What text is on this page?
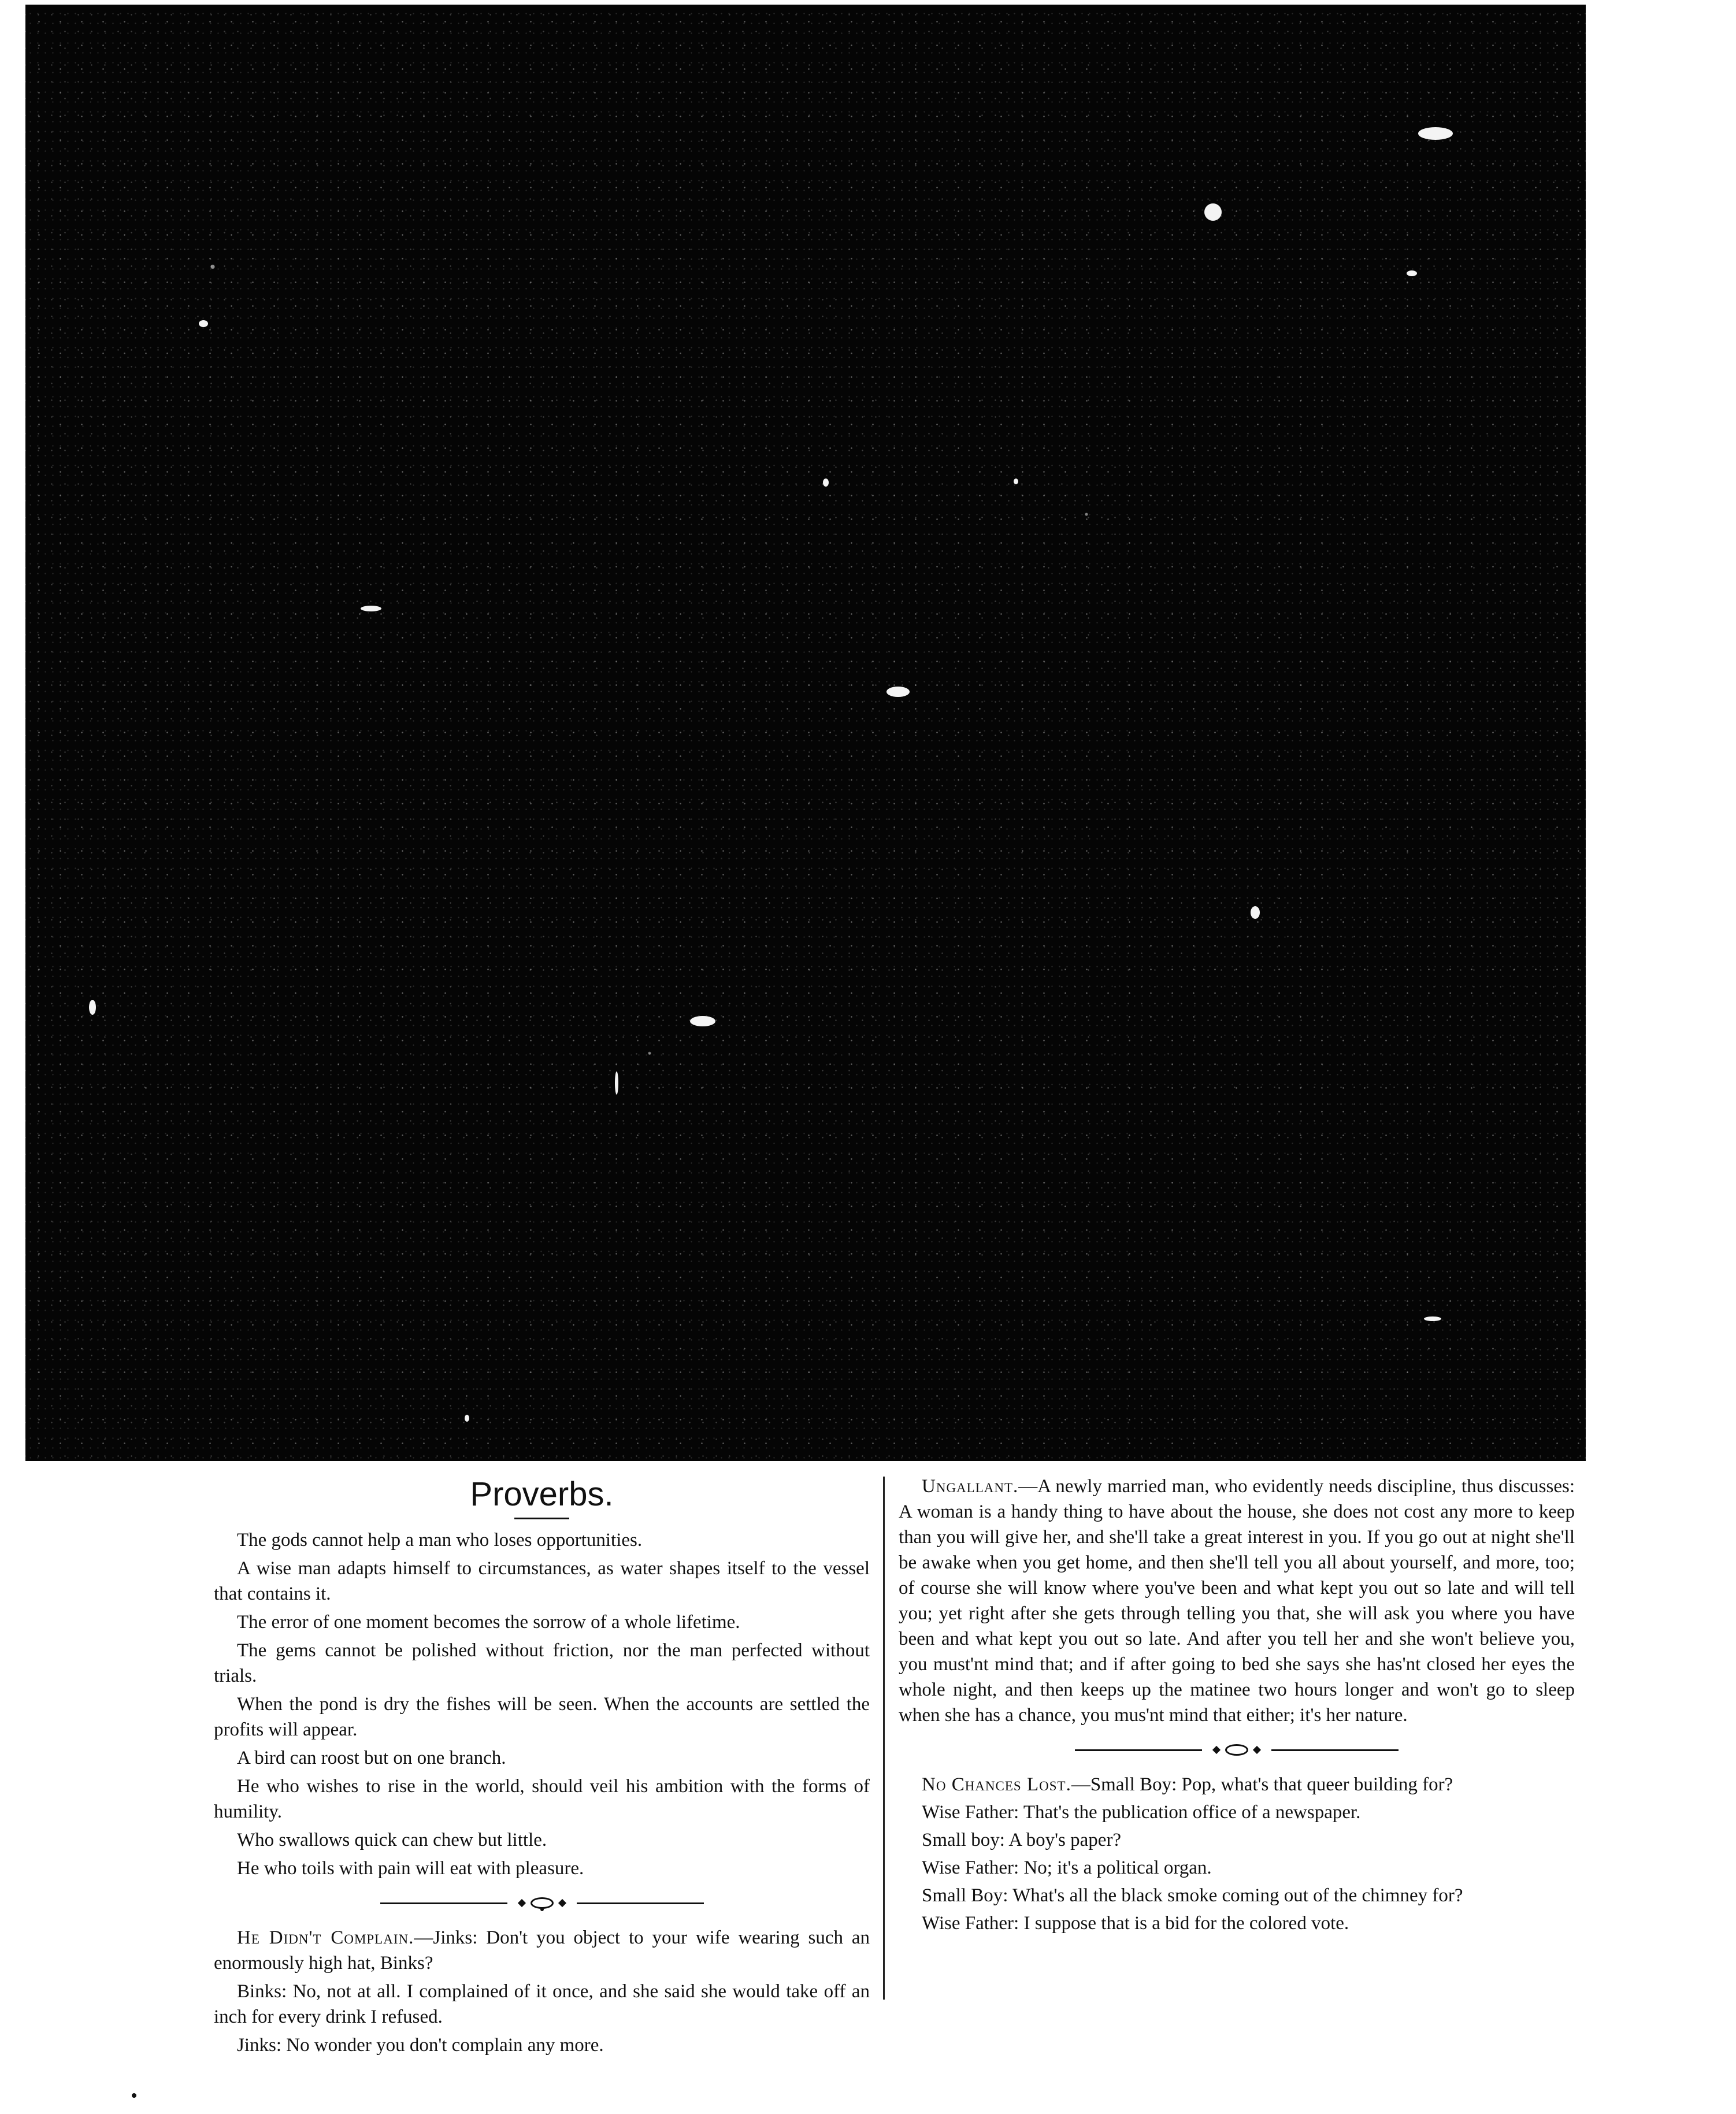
Proverbs.

The gods cannot help a man who loses opportunities.

A wise man adapts himself to circumstances, as water shapes itself to the vessel that contains it.

The error of one moment becomes the sorrow of a whole lifetime.

The gems cannot be polished without friction, nor the man perfected without trials.

When the pond is dry the fishes will be seen. When the accounts are settled the profits will appear.

A bird can roost but on one branch.

He who wishes to rise in the world, should veil his ambition with the forms of humility.

Who swallows quick can chew but little.

He who toils with pain will eat with pleasure.

He Didn't Complain.—Jinks: Don't you object to your wife wearing such an enormously high hat, Binks?

Binks: No, not at all. I complained of it once, and she said she would take off an inch for every drink I refused.

Jinks: No wonder you don't complain any more.

Ungallant.—A newly married man, who evidently needs discipline, thus discusses: A woman is a handy thing to have about the house, she does not cost any more to keep than you will give her, and she'll take a great interest in you. If you go out at night she'll be awake when you get home, and then she'll tell you all about yourself, and more, too; of course she will know where you've been and what kept you out so late and will tell you; yet right after she gets through telling you that, she will ask you where you have been and what kept you out so late. And after you tell her and she won't believe you, you must'nt mind that; and if after going to bed she says she has'nt closed her eyes the whole night, and then keeps up the matinee two hours longer and won't go to sleep when she has a chance, you mus'nt mind that either; it's her nature.

No Chances Lost.—Small Boy: Pop, what's that queer building for?

Wise Father: That's the publication office of a newspaper.

Small boy: A boy's paper?

Wise Father: No; it's a political organ.

Small Boy: What's all the black smoke coming out of the chimney for?

Wise Father: I suppose that is a bid for the colored vote.
